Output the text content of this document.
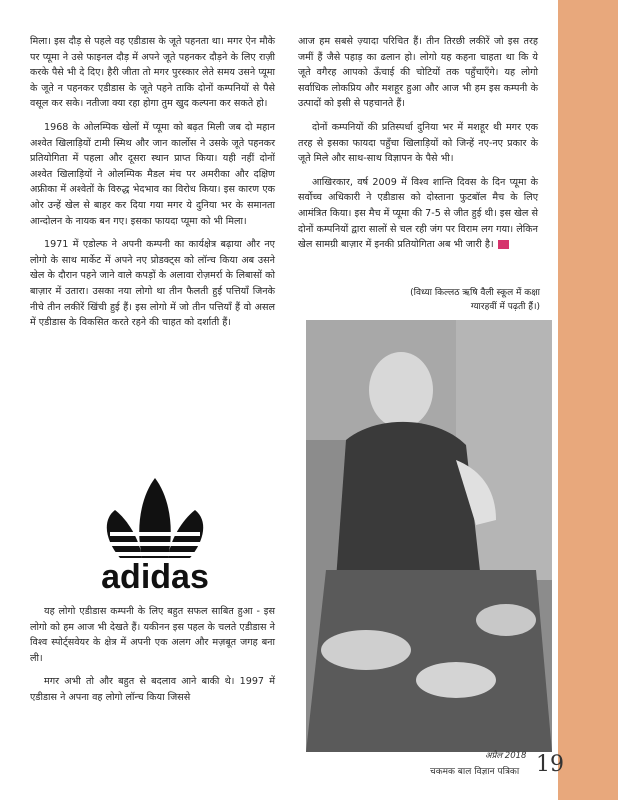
मिला। इस दौड़ से पहले वह एडीडास के जूते पहनता था। मगर ऐन मौके पर प्यूमा ने उसे फाइनल दौड़ में अपने जूते पहनकर दौड़ने के लिए राज़ी करके पैसे भी दे दिए। हैरी जीता तो मगर पुरस्कार लेते समय उसने प्यूमा के जूते न पहनकर एडीडास के जूते पहने ताकि दोनों कम्पनियों से पैसे वसूल कर सके। नतीजा क्या रहा होगा तुम खुद कल्पना कर सकते हो।

1968 के ओलम्पिक खेलों में प्यूमा को बढ़त मिली जब दो महान अश्वेत खिलाड़ियों टामी स्मिथ और जान कार्लोस ने उसके जूते पहनकर प्रतियोगिता में पहला और दूसरा स्थान प्राप्त किया। यही नहीं दोनों अश्वेत खिलाड़ियों ने ओलम्पिक मैडल मंच पर अमरीका और दक्षिण अफ्रीका में अश्वेतों के विरुद्ध भेदभाव का विरोध किया। इस कारण एक ओर उन्हें खेल से बाहर कर दिया गया मगर ये दुनिया भर के समानता आन्दोलन के नायक बन गए। इसका फायदा प्यूमा को भी मिला।

1971 में एडोल्फ ने अपनी कम्पनी का कार्यक्षेत्र बढ़ाया और नए लोगो के साथ मार्केट में अपने नए प्रोडक्ट्स को लॉन्च किया अब उसने खेल के दौरान पहने जाने वाले कपड़ों के अलावा रोज़मर्रा के लिबासों को बाज़ार में उतारा। उसका नया लोगो था तीन फैलती हुई पत्तियाँ जिनके नीचे तीन लकीरें खिंची हुई हैं। इस लोगो में जो तीन पत्तियाँ हैं वो असल में एडीडास के विकसित करते रहने की चाहत को दर्शाती हैं।

adidas

यह लोगो एडीडास कम्पनी के लिए बहुत सफल साबित हुआ - इस लोगो को हम आज भी देखते हैं। यकीनन इस पहल के चलते एडीडास ने विश्व स्पोर्ट्सवेयर के क्षेत्र में अपनी एक अलग और मज़बूत जगह बना ली।

मगर अभी तो और बहुत से बदलाव आने बाकी थे। 1997 में एडीडास ने अपना वह लोगो लॉन्च किया जिससे

आज हम सबसे ज़्यादा परिचित हैं। तीन तिरछी लकीरें जो इस तरह जमीं हैं जैसे पहाड़ का ढलान हो। लोगो यह कहना चाहता था कि ये जूते वगैरह आपको ऊँचाई की चोटियों तक पहुँचाएँगे। यह लोगो सर्वाधिक लोकप्रिय और मशहूर हुआ और आज भी हम इस कम्पनी के उत्पादों को इसी से पहचानते हैं।

दोनों कम्पनियों की प्रतिस्पर्धा दुनिया भर में मशहूर थी मगर एक तरह से इसका फायदा पहुँचा खिलाड़ियों को जिन्हें नए-नए प्रकार के जूते मिले और साथ-साथ विज्ञापन के पैसे भी।

आखिरकार, वर्ष 2009 में विश्व शान्ति दिवस के दिन प्यूमा के सर्वोच्च अधिकारी ने एडीडास को दोस्ताना फुटबॉल मैच के लिए आमंत्रित किया। इस मैच में प्यूमा की 7-5 से जीत हुई थी। इस खेल से दोनों कम्पनियों द्वारा सालों से चल रही जंग पर विराम लग गया। लेकिन खेल सामग्री बाज़ार में इनकी प्रतियोगिता अब भी जारी है।	ऋ

(विध्या किल्लठ ऋषि वैली स्कूल में कक्षा
ग्यारहवीं में पढ़ती हैं।)
अप्रैल 2018
चकमक बाल विज्ञान पत्रिका 19
